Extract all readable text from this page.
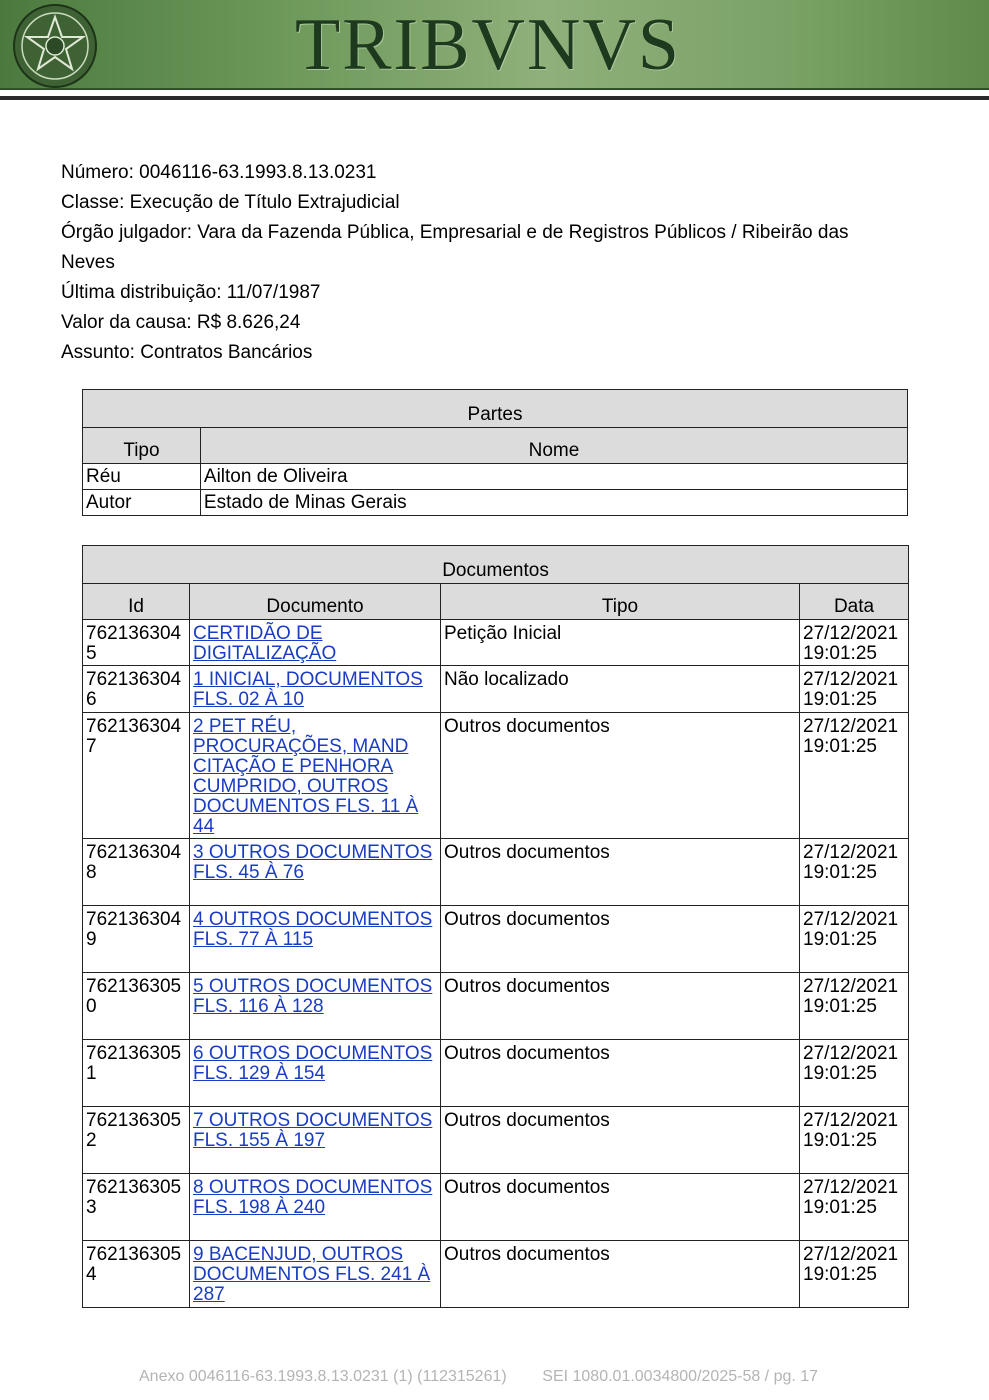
TRIBVNVS
Número: 0046116-63.1993.8.13.0231
Classe: Execução de Título Extrajudicial
Órgão julgador: Vara da Fazenda Pública, Empresarial e de Registros Públicos / Ribeirão das
Neves
Última distribuição: 11/07/1987
Valor da causa: R$ 8.626,24
Assunto: Contratos Bancários
Partes	
Tipo	Nome
Réu	Ailton de Oliveira
Autor	Estado de Minas Gerais
Documentos			
Id	Documento	Tipo	Data
7621363045	CERTIDÃO DE DIGITALIZAÇÃO	Petição Inicial	27/12/2021 19:01:25
7621363046	1 INICIAL, DOCUMENTOS FLS. 02 À 10	Não localizado	27/12/2021 19:01:25
7621363047	2 PET RÉU, PROCURAÇÕES, MAND CITAÇÃO E PENHORA CUMPRIDO, OUTROS DOCUMENTOS FLS. 11 À 44	Outros documentos	27/12/2021 19:01:25
7621363048	3 OUTROS DOCUMENTOS FLS. 45 À 76	Outros documentos	27/12/2021 19:01:25
7621363049	4 OUTROS DOCUMENTOS FLS. 77 À 115	Outros documentos	27/12/2021 19:01:25
7621363050	5 OUTROS DOCUMENTOS FLS. 116 À 128	Outros documentos	27/12/2021 19:01:25
7621363051	6 OUTROS DOCUMENTOS FLS. 129 À 154	Outros documentos	27/12/2021 19:01:25
7621363052	7 OUTROS DOCUMENTOS FLS. 155 À 197	Outros documentos	27/12/2021 19:01:25
7621363053	8 OUTROS DOCUMENTOS FLS. 198 À 240	Outros documentos	27/12/2021 19:01:25
7621363054	9 BACENJUD, OUTROS DOCUMENTOS FLS. 241 À 287	Outros documentos	27/12/2021 19:01:25
Anexo 0046116-63.1993.8.13.0231 (1) (112315261) SEI 1080.01.0034800/2025-58 / pg. 17
